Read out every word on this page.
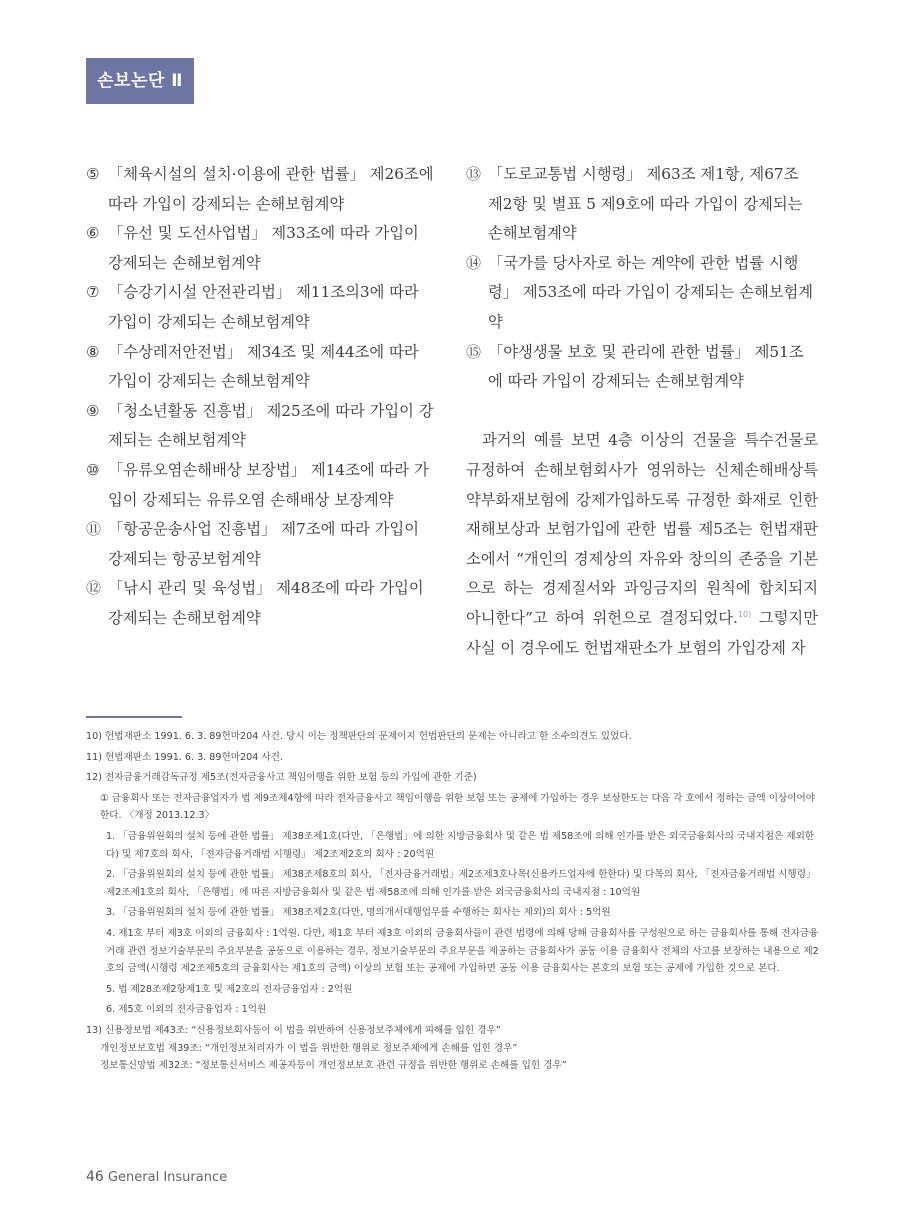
손보논단 Ⅱ
⑤ 「체육시설의 설치·이용에 관한 법률」 제26조에 따라 가입이 강제되는 손해보험계약
⑥ 「유선 및 도선사업법」 제33조에 따라 가입이 강제되는 손해보험계약
⑦ 「승강기시설 안전관리법」 제11조의3에 따라 가입이 강제되는 손해보험계약
⑧ 「수상레저안전법」 제34조 및 제44조에 따라 가입이 강제되는 손해보험계약
⑨ 「청소년활동 진흥법」 제25조에 따라 가입이 강제되는 손해보험계약
⑩ 「유류오염손해배상 보장법」 제14조에 따라 가입이 강제되는 유류오염 손해배상 보장계약
⑪ 「항공운송사업 진흥법」 제7조에 따라 가입이 강제되는 항공보험계약
⑫ 「낚시 관리 및 육성법」 제48조에 따라 가입이 강제되는 손해보험계약
⑬ 「도로교통법 시행령」 제63조 제1항, 제67조 제2항 및 별표 5 제9호에 따라 가입이 강제되는 손해보험계약
⑭ 「국가를 당사자로 하는 계약에 관한 법률 시행령」 제53조에 따라 가입이 강제되는 손해보험계약
⑮ 「야생생물 보호 및 관리에 관한 법률」 제51조에 따라 가입이 강제되는 손해보험계약
과거의 예를 보면 4층 이상의 건물을 특수건물로 규정하여 손해보험회사가 영위하는 신체손해배상특약부화재보험에 강제가입하도록 규정한 화재로 인한 재해보상과 보험가입에 관한 법률 제5조는 헌법재판소에서 “개인의 경제상의 자유와 창의의 존중을 기본으로 하는 경제질서와 과잉금지의 원칙에 합치되지 아니한다”고 하여 위헌으로 결정되었다.$^{10)}$ 그렇지만 사실 이 경우에도 헌법재판소가 보험의 가입강제 자
10) 헌법재판소 1991. 6. 3. 89헌마204 사건. 당시 이는 정책판단의 문제이지 헌법판단의 문제는 아니라고 한 소수의견도 있었다.
11) 헌법재판소 1991. 6. 3. 89헌마204 사건.
12) 전자금융거래감독규정 제5조(전자금융사고 책임이행을 위한 보험 등의 가입에 관한 기준)
① 금융회사 또는 전자금융업자가 법 제9조제4항에 따라 전자금융사고 책임이행을 위한 보험 또는 공제에 가입하는 경우 보상한도는 다음 각 호에서 정하는 금액 이상이어야 한다. 〈개정 2013.12.3〉
1. 「금융위원회의 설치 등에 관한 법률」 제38조제1호(다만, 「은행법」에 의한 지방금융회사 및 같은 법 제58조에 의해 인가를 받은 외국금융회사의 국내지점은 제외한다) 및 제7호의 회사, 「전자금융거래법 시행령」 제2조제2호의 회사 : 20억원
2. 「금융위원회의 설치 등에 관한 법률」 제38조제8호의 회사, 「전자금융거래법」제2조제3호나목(신용카드업자에 한한다) 및 다목의 회사, 「전자금융거래법 시행령」 제2조제1호의 회사, 「은행법」에 따른 지방금융회사 및 같은 법 제58조에 의해 인가를 받은 외국금융회사의 국내지점 : 10억원
3. 「금융위원회의 설치 등에 관한 법률」 제38조제2호(다만, 명의개서대행업무를 수행하는 회사는 제외)의 회사 : 5억원
4. 제1호 부터 제3호 이외의 금융회사 : 1억원. 다만, 제1호 부터 제3호 이외의 금융회사들이 관련 법령에 의해 당해 금융회사를 구성원으로 하는 금융회사를 통해 전자금융거래 관련 정보기술부문의 주요부분을 공동으로 이용하는 경우, 정보기술부문의 주요부문을 제공하는 금융회사가 공동 이용 금융회사 전체의 사고를 보장하는 내용으로 제2호의 금액(시행령 제2조제5호의 금융회사는 제1호의 금액) 이상의 보험 또는 공제에 가입하면 공동 이용 금융회사는 본호의 보험 또는 공제에 가입한 것으로 본다.
5. 법 제28조제2항제1호 및 제2호의 전자금융업자 : 2억원
6. 제5호 이외의 전자금융업자 : 1억원
13) 신용정보법 제43조: “신용정보회사등이 이 법을 위반하여 신용정보주체에게 피해를 입힌 경우”
개인정보보호법 제39조: “개인정보처리자가 이 법을 위반한 행위로 정보주체에게 손해를 입힌 경우”
정보통신망법 제32조: “정보통신서비스 제공자등이 개인정보보호 관련 규정을 위반한 행위로 손해를 입힌 경우”
46 General Insurance
